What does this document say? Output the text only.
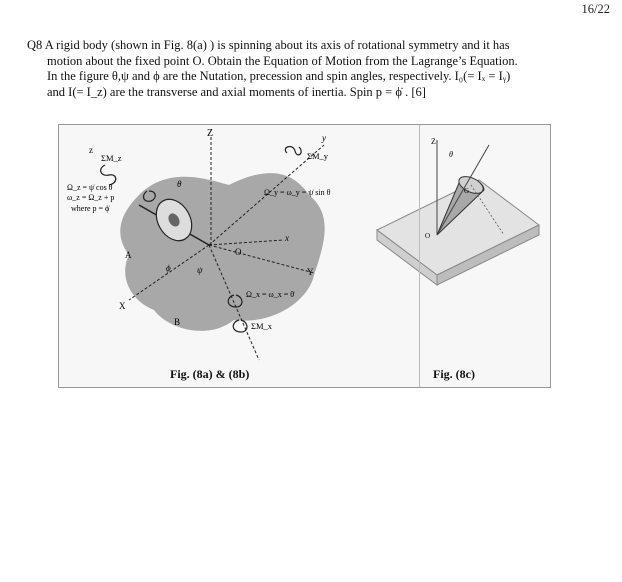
16/22
Q8 A rigid body (shown in Fig. 8(a) ) is spinning about its axis of rotational symmetry and it has
motion about the fixed point O. Obtain the Equation of Motion from the Lagrange’s Equation.
In the figure θ,ψ and ϕ are the Nutation, precession and spin angles, respectively. I₀(= Iₓ = Iᵧ)
and I(= I_z) are the transverse and axial moments of inertia. Spin p = ϕ̇ . [6]
Z
z
ΣM_z
Ω_z = ψ̇ cos θ
ω_z = Ω_z + p
where p = ϕ̇
θ
A
ψ
ϕ
O
X
B
x
Y
y
ΣM_y
Ω_y = ω_y = ψ̇ sin θ
Ω_x = ω_x = θ̇
ΣM_x
Z
θ
G
O
Fig. (8a) & (8b)	Fig. (8c)
